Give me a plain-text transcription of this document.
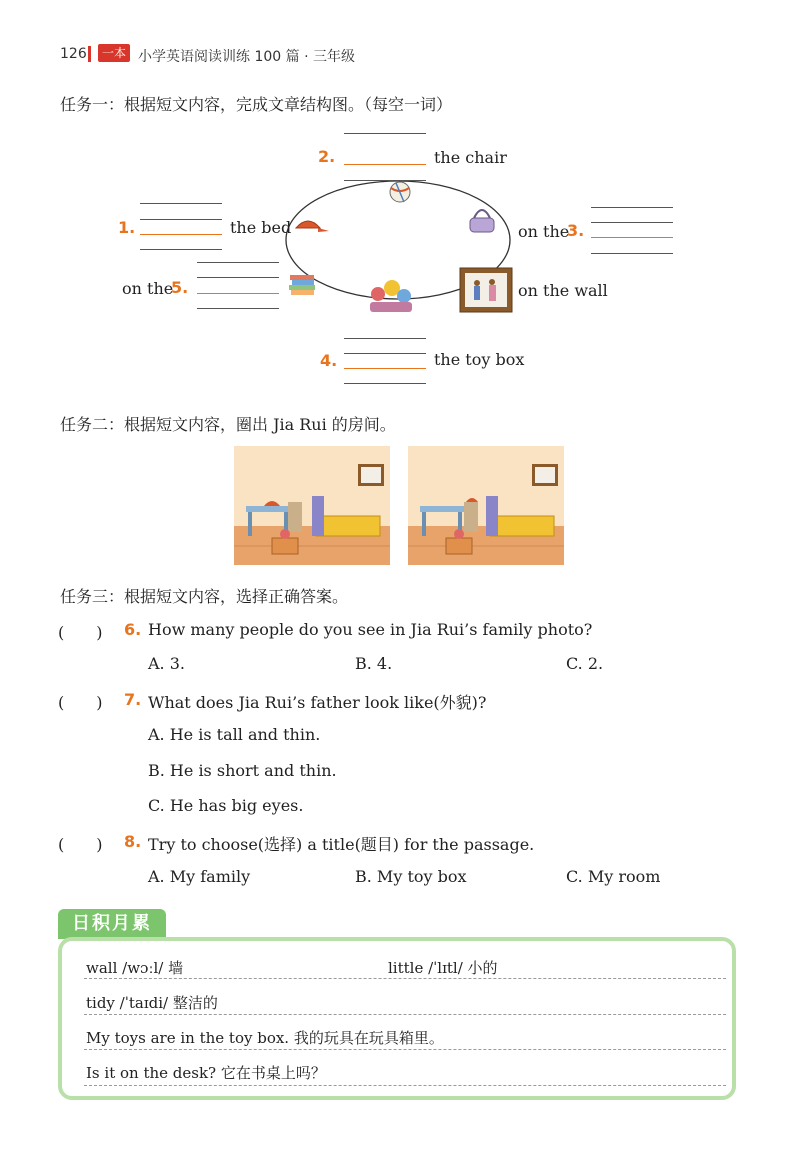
126	一本 小学英语阅读训练 100 篇 · 三年级
任务一：根据短文内容，完成文章结构图。（每空一词）
2.	the chair
1.	the bed	on the
3.
on the
5.	on the wall
4.	the toy box
任务二：根据短文内容，圈出 Jia Rui 的房间。
任务三：根据短文内容，选择正确答案。
(　　) 6. How many people do you see in Jia Rui’s family photo?
A. 3.	B. 4.	C. 2.
(　　) 7. What does Jia Rui’s father look like(外貌)?
A. He is tall and thin.
B. He is short and thin.
C. He has big eyes.
(　　) 8. Try to choose(选择) a title(题目) for the passage.
A. My family	B. My toy box	C. My room
日积月累
wall /wɔːl/ 墙	little /ˈlɪtl/ 小的
tidy /ˈtaɪdi/ 整洁的
My toys are in the toy box. 我的玩具在玩具箱里。
Is it on the desk? 它在书桌上吗？
